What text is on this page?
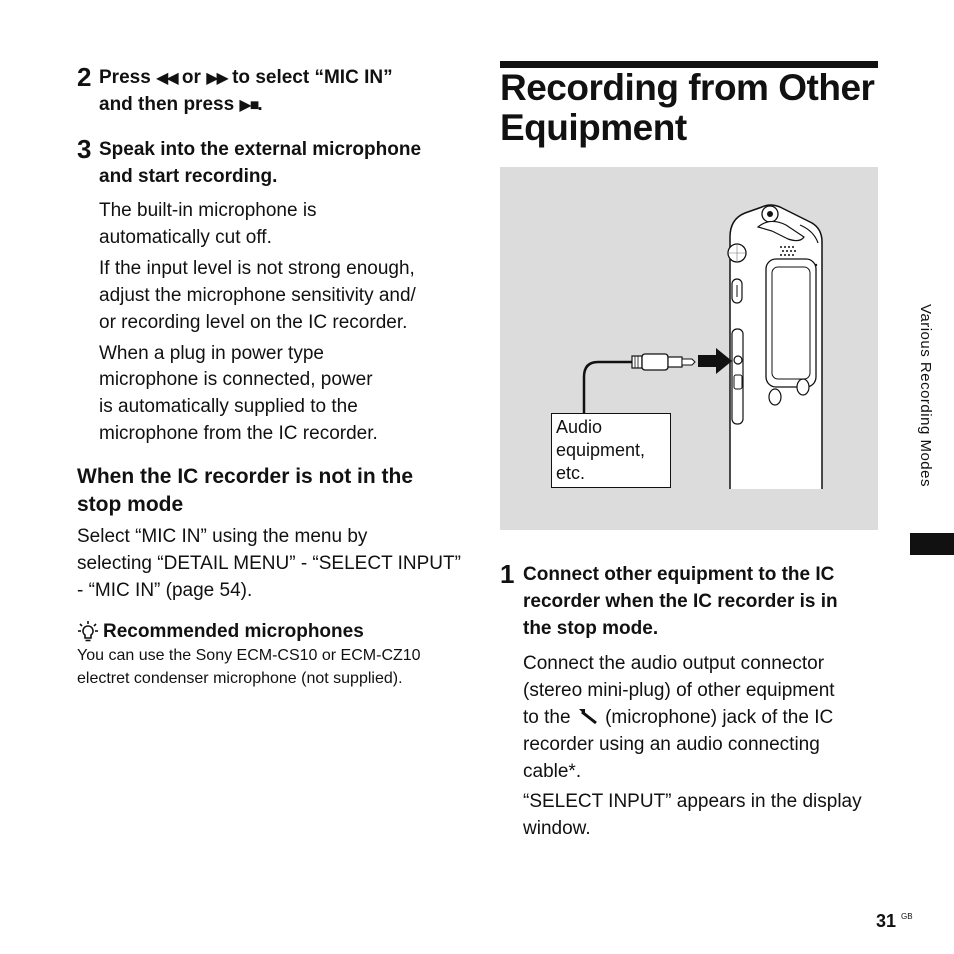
2 Press ◀◀ or ▶▶ to select “MIC IN”
and then press ▶■.
3 Speak into the external microphone
and start recording.
The built-in microphone is
automatically cut off.
If the input level is not strong enough,
adjust the microphone sensitivity and/
or recording level on the IC recorder.
When a plug in power type
microphone is connected, power
is automatically supplied to the
microphone from the IC recorder.
When the IC recorder is not in the
stop mode
Select “MIC IN” using the menu by
selecting “DETAIL MENU” - “SELECT INPUT”
- “MIC IN” (page 54).
Recommended microphones
You can use the Sony ECM-CS10 or ECM-CZ10
electret condenser microphone (not supplied).
Recording from Other
Equipment
Audio
equipment,
etc.
1 Connect other equipment to the IC
recorder when the IC recorder is in
the stop mode.
Connect the audio output connector
(stereo mini-plug) of other equipment
to the  (microphone) jack of the IC
recorder using an audio connecting
cable*.
“SELECT INPUT” appears in the display
window.
Various Recording Modes
31 GB
